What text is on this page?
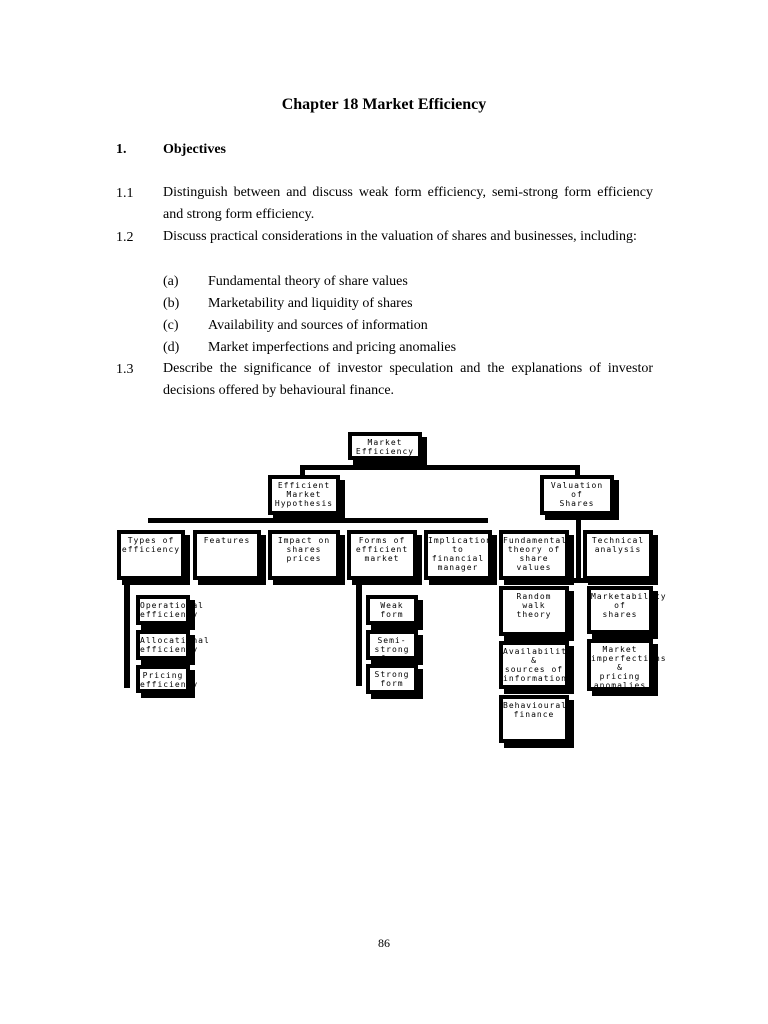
Chapter 18 Market Efficiency
1.	Objectives
1.1 Distinguish between and discuss weak form efficiency, semi-strong form efficiency and strong form efficiency.
1.2 Discuss practical considerations in the valuation of shares and businesses, including:
(a) Fundamental theory of share values
(b) Marketability and liquidity of shares
(c) Availability and sources of information
(d) Market imperfections and pricing anomalies
1.3 Describe the significance of investor speculation and the explanations of investor decisions offered by behavioural finance.
Market
Efficiency
Efficient
Market
Hypothesis
Valuation
of
Shares
Types of
efficiency
Features	Impact on
shares prices
Forms of
efficient market
Implication
to financial
manager
Fundamental
theory of
share values
Technical
analysis
Operational
efficiency
Allocational
efficiency
Pricing
efficiency
Weak
form
Semi-strong
form
Strong
form
Random
walk
theory
Availability &
sources of
information
Behavioural
finance
Marketability
of
shares
Market
imperfections &
pricing
anomalies
86
